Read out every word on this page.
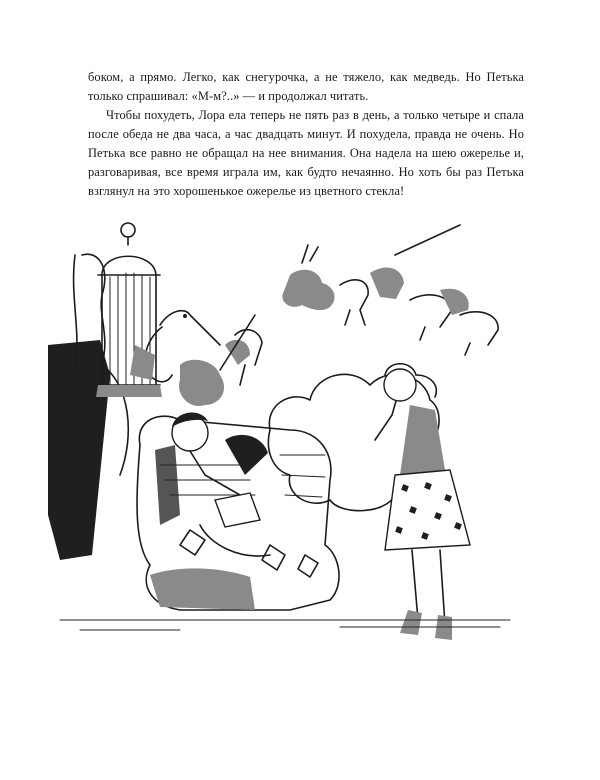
боком, а прямо. Легко, как снегурочка, а не тяжело, как медведь. Но Петька только спрашивал: «М-м?..» — и продолжал читать.

Чтобы похудеть, Лора ела теперь не пять раз в день, а только четыре и спала после обеда не два часа, а час двадцать минут. И похудела, правда не очень. Но Петька все равно не обращал на нее внимания. Она надела на шею ожерелье и, разговаривая, все время играла им, как будто нечаянно. Но хоть бы раз Петька взглянул на это хорошенькое ожерелье из цветного стекла!
